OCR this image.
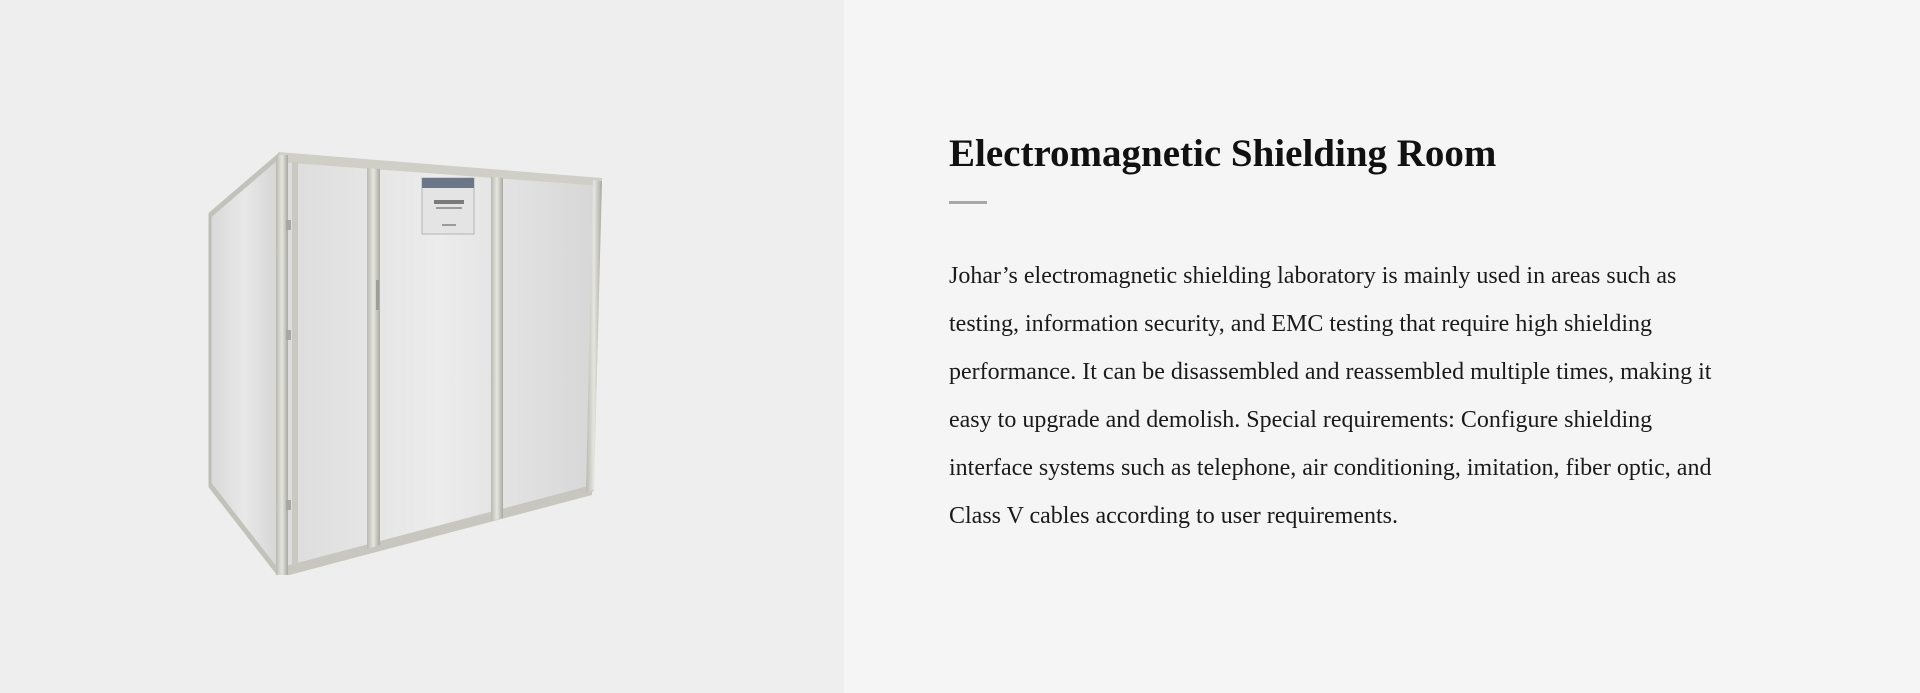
Electromagnetic Shielding Room

Johar’s electromagnetic shielding laboratory is mainly used in areas such as testing, information security, and EMC testing that require high shielding performance. It can be disassembled and reassembled multiple times, making it easy to upgrade and demolish. Special requirements: Configure shielding interface systems such as telephone, air conditioning, imitation, fiber optic, and Class V cables according to user requirements.
